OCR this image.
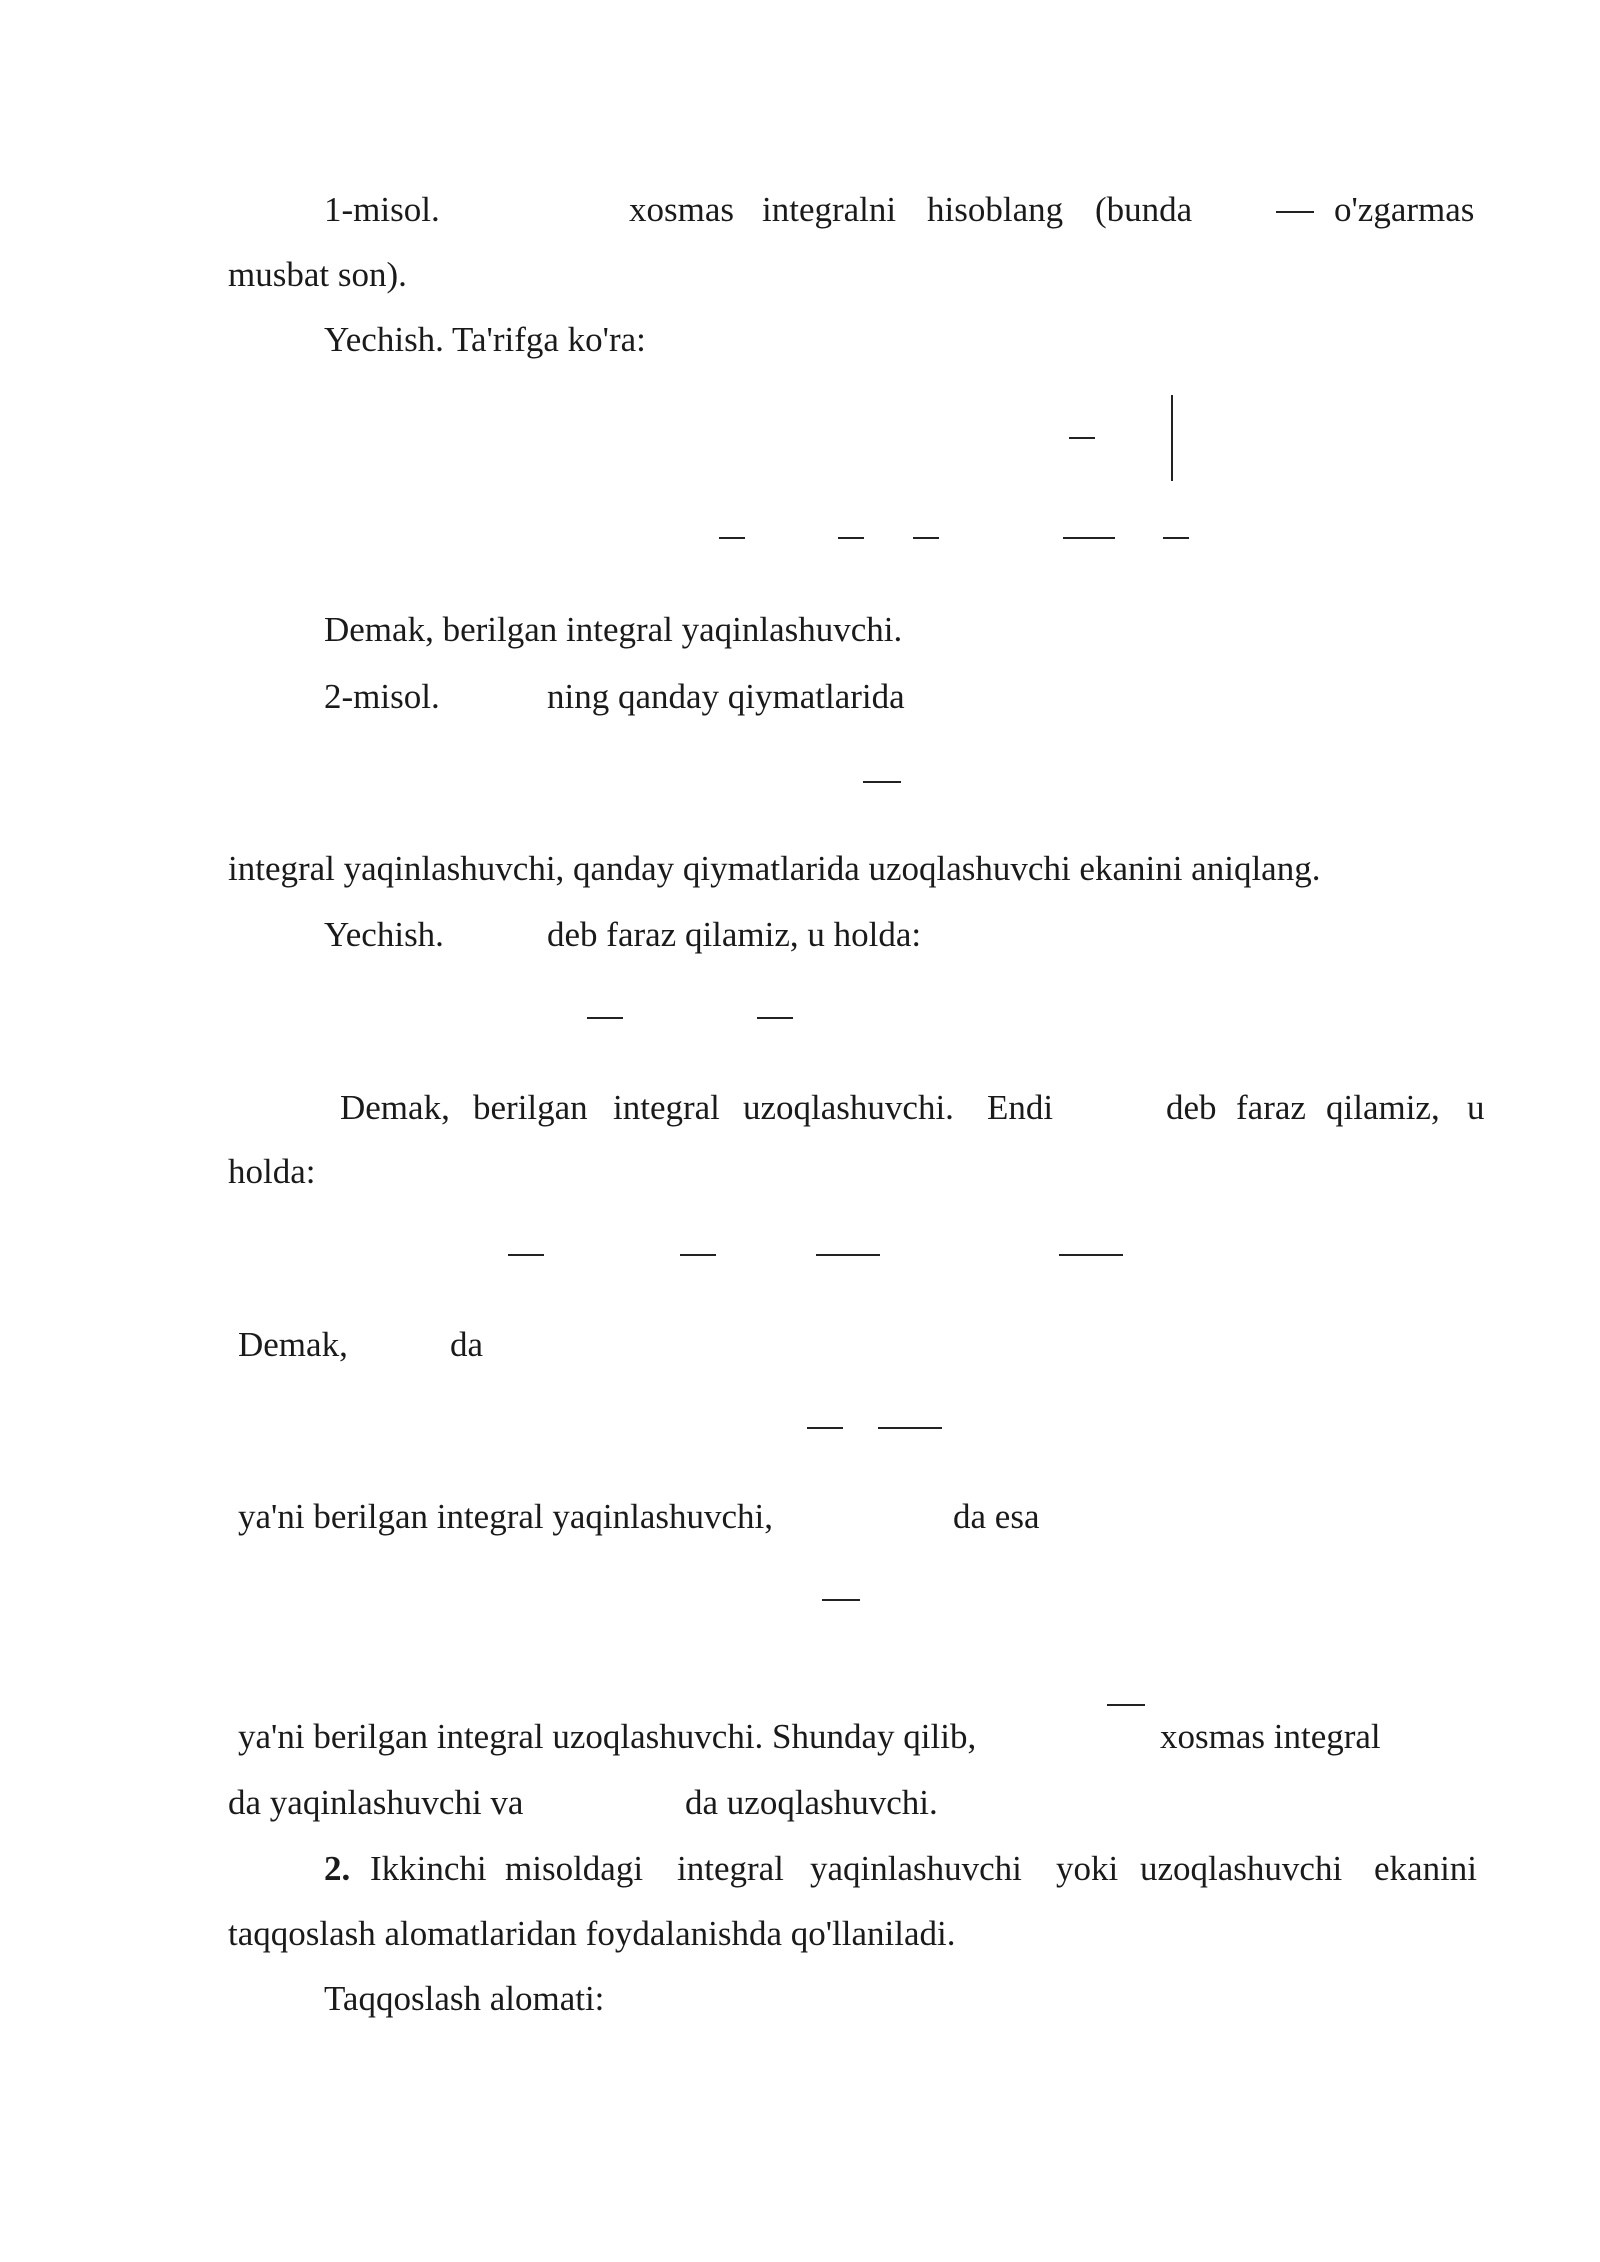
1-misol.	xosmas integralni hisoblang (bunda	o'zgarmas
musbat son).
Yechish. Ta'rifga ko'ra:
Demak, berilgan integral yaqinlashuvchi.
2-misol.	ning qanday qiymatlarida
integral yaqinlashuvchi, qanday qiymatlarida uzoqlashuvchi ekanini aniqlang.
Yechish.	deb faraz qilamiz, u holda:
Demak, berilgan integral uzoqlashuvchi. Endi	deb faraz qilamiz, u
holda:
Demak,	da
ya'ni berilgan integral yaqinlashuvchi,	da esa
ya'ni berilgan integral uzoqlashuvchi. Shunday qilib,	xosmas integral
da yaqinlashuvchi va	da uzoqlashuvchi.
2. Ikkinchi misoldagi integral yaqinlashuvchi yoki uzoqlashuvchi ekanini
taqqoslash alomatlaridan foydalanishda qo'llaniladi.
Taqqoslash alomati:
